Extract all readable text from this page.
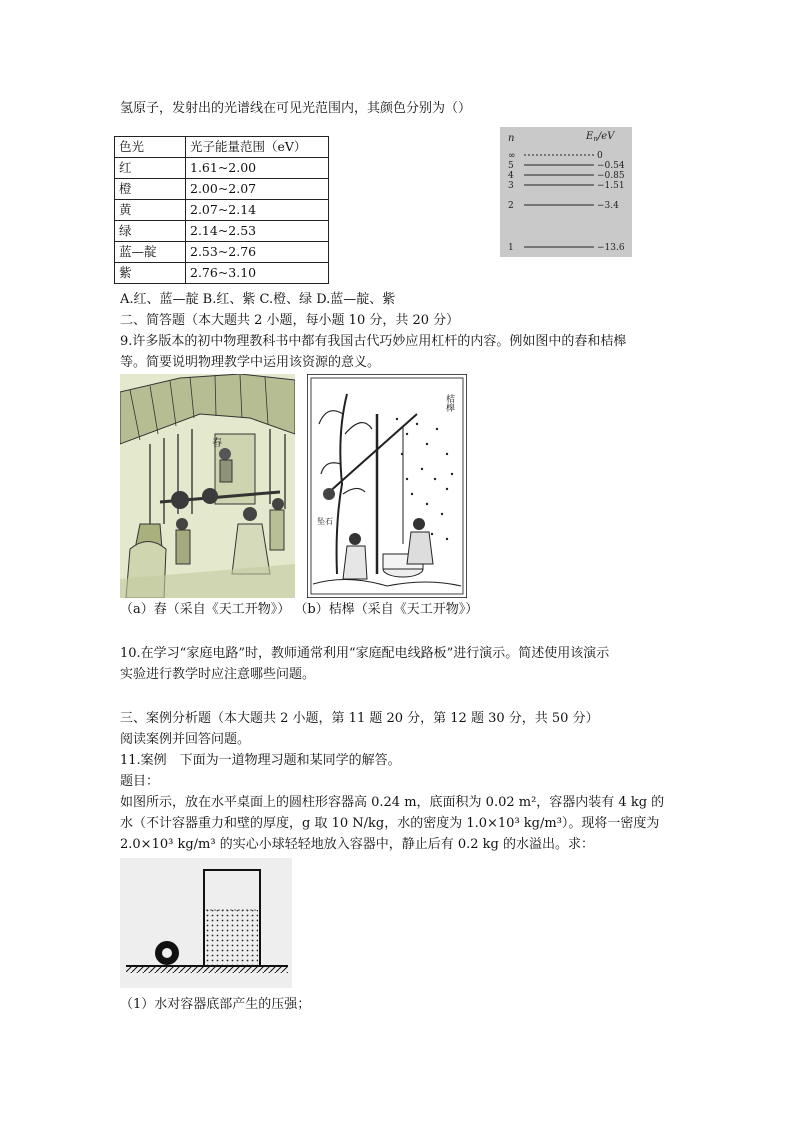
氢原子，发射出的光谱线在可见光范围内，其颜色分别为（）
色光	光子能量范围（eV）
红	1.61~2.00
橙	2.00~2.07
黄	2.07~2.14
绿	2.14~2.53
蓝—靛	2.53~2.76
紫	2.76~3.10
n	$E_n/eV$
∞	0
5	−0.54
4	−0.85
3	−1.51
2	−3.4
1	−13.6
A.红、蓝—靛 B.红、紫 C.橙、绿 D.蓝—靛、紫
二、简答题（本大题共 2 小题，每小题 10 分，共 20 分）
9.许多版本的初中物理教科书中都有我国古代巧妙应用杠杆的内容。例如图中的舂和桔槔
等。简要说明物理教学中运用该资源的意义。
舂
桔槔
坠石
（a）舂（采自《天工开物》） （b）桔槔（采自《天工开物》）
10.在学习“家庭电路”时，教师通常利用“家庭配电线路板”进行演示。简述使用该演示
实验进行教学时应注意哪些问题。
三、案例分析题（本大题共 2 小题，第 11 题 20 分，第 12 题 30 分，共 50 分）
阅读案例并回答问题。
11.案例　下面为一道物理习题和某同学的解答。
题目：
如图所示，放在水平桌面上的圆柱形容器高 0.24 m，底面积为 0.02 m²，容器内装有 4 kg 的
水（不计容器重力和壁的厚度，g 取 10 N/kg，水的密度为 1.0×10³ kg/m³）。现将一密度为
2.0×10³ kg/m³ 的实心小球轻轻地放入容器中，静止后有 0.2 kg 的水溢出。求：
（1）水对容器底部产生的压强；
